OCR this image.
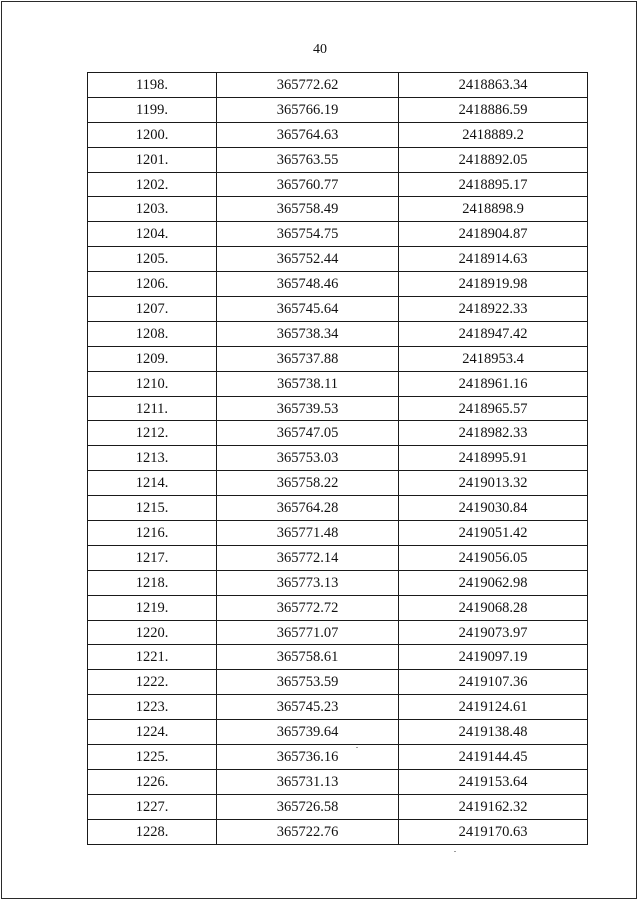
40
1198.	365772.62	2418863.34
1199.	365766.19	2418886.59
1200.	365764.63	2418889.2
1201.	365763.55	2418892.05
1202.	365760.77	2418895.17
1203.	365758.49	2418898.9
1204.	365754.75	2418904.87
1205.	365752.44	2418914.63
1206.	365748.46	2418919.98
1207.	365745.64	2418922.33
1208.	365738.34	2418947.42
1209.	365737.88	2418953.4
1210.	365738.11	2418961.16
1211.	365739.53	2418965.57
1212.	365747.05	2418982.33
1213.	365753.03	2418995.91
1214.	365758.22	2419013.32
1215.	365764.28	2419030.84
1216.	365771.48	2419051.42
1217.	365772.14	2419056.05
1218.	365773.13	2419062.98
1219.	365772.72	2419068.28
1220.	365771.07	2419073.97
1221.	365758.61	2419097.19
1222.	365753.59	2419107.36
1223.	365745.23	2419124.61
1224.	365739.64	2419138.48
1225.	365736.16	2419144.45
1226.	365731.13	2419153.64
1227.	365726.58	2419162.32
1228.	365722.76	2419170.63
